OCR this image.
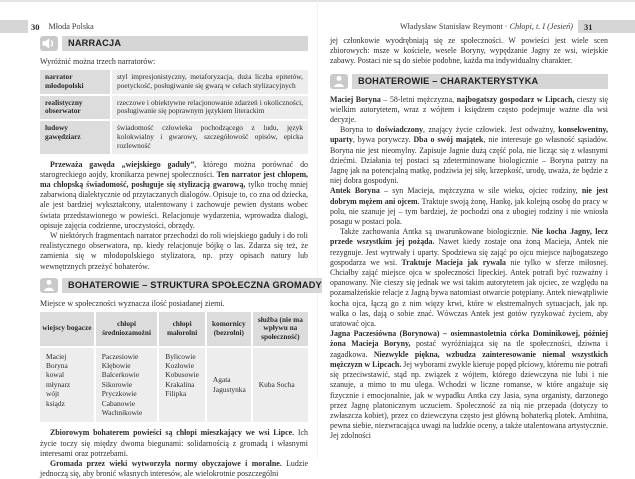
30 Młoda Polska
NARRACJA

Wyróżnić można trzech narratorów:

narrator młodopolski
styl impresjonistyczny, metaforyzacja, duża liczba epitetów, poetyckość, posługiwanie się gwarą w celach stylizacyjnych
realistyczny obserwator
rzeczowe i obiektywne relacjonowanie zdarzeń i okoliczności, posługiwanie się poprawnym językiem literackim
ludowy gawędziarz
świadomość człowieka pochodzącego z ludu, język kolokwialny i gwarowy, szczegółowość opisów, epicka rozlewność

Przeważa gawęda „wiejskiego gaduły”, którego można porównać do starogreckiego aojdy, kronikarza pewnej społeczności. Ten narrator jest chłopem, ma chłopską świadomość, posługuje się stylizacją gwarową, tylko trochę mniej zabarwioną dialektycznie od przytaczanych dialogów. Opisuje to, co zna od dziecka, ale jest bardziej wykształcony, utalentowany i zachowuje pewien dystans wobec świata przedstawionego w powieści. Relacjonuje wydarzenia, wprowadza dialogi, opisuje zajęcia codzienne, uroczystości, obrzędy.

W niektórych fragmentach narrator przechodzi do roli wiejskiego gaduły i do roli realistycznego obserwatora, np. kiedy relacjonuje bójkę o las. Zdarza się też, że zamienia się w młodopolskiego stylizatora, np. przy opisach natury lub wewnętrznych przeżyć bohaterów.

BOHATEROWIE – STRUKTURA SPOŁECZNA GROMADY

Miejsce w społeczności wyznacza ilość posiadanej ziemi.

wiejscy bogacze	chłopi średniozamożni
chłopi małorolni
komornicy (bezrolni)
służba (nie ma wpływu na społeczność)
Maciej Boryna
kowal
młynarz
wójt
ksiądz
Paczesiowie
Kłębowie
Balcerkowie
Sikorowie
Pryczkowie
Cabanowie
Wachnikowie
Bylicowie
Kozłowie
Kobusowie
Krakalina
Filipka
Agata
Jagustynka
Kuba Socha

Zbiorowym bohaterem powieści są chłopi mieszkający we wsi Lipce. Ich życie toczy się między dwoma biegunami: solidarnością z gromadą i własnymi interesami oraz potrzebami.

Gromada przez wieki wytworzyła normy obyczajowe i moralne. Ludzie jednoczą się, aby bronić własnych interesów, ale wielokrotnie poszczególni

Władysław Stanisław Reymont · Chłopi, t. I (Jesień)	31

jej członkowie wyodrębniają się ze społeczności. W powieści jest wiele scen zbiorowych: msze w kościele, wesele Boryny, wypędzanie Jagny ze wsi, wiejskie zabawy. Postaci nie są do siebie podobne, każda ma indywidualny charakter.

BOHATEROWIE – CHARAKTERYSTYKA

Maciej Boryna – 58-letni mężczyzna, najbogatszy gospodarz w Lipcach, cieszy się wielkim autorytetem, wraz z wójtem i księdzem często podejmuje ważne dla wsi decyzje.

Boryna to doświadczony, znający życie człowiek. Jest odważny, konsekwentny, uparty, bywa porywczy. Dba o swój majątek, nie interesuje go własność sąsiadów. Boryna nie jest nieomylny. Zapisuje Jagnie dużą część pola, nie licząc się z własnymi dziećmi. Działania tej postaci są zdeterminowane biologicznie – Boryna patrzy na Jagnę jak na potencjalną matkę, podziwia jej siłę, krzepkość, urodę, uważa, że będzie z niej dobra gospodyni.

Antek Boryna – syn Macieja, mężczyzna w sile wieku, ojciec rodziny, nie jest dobrym mężem ani ojcem. Traktuje swoją żonę, Hankę, jak kolejną osobę do pracy w polu, nie szanuje jej – tym bardziej, że pochodzi ona z ubogiej rodziny i nie wniosła posagu w postaci pola.

Także zachowania Antka są uwarunkowane biologicznie. Nie kocha Jagny, lecz przede wszystkim jej pożąda. Nawet kiedy zostaje ona żoną Macieja, Antek nie rezygnuje. Jest wytrwały i uparty. Spodziewa się zająć po ojcu miejsce najbogatszego gospodarza we wsi. Traktuje Macieja jak rywala nie tylko w sferze miłosnej. Chciałby zająć miejsce ojca w społeczności lipeckiej. Antek potrafi być rozważny i opanowany. Nie cieszy się jednak we wsi takim autorytetem jak ojciec, ze względu na pozamałżeńskie relacje z Jagną bywa natomiast otwarcie potępiany. Antek niewątpliwie kocha ojca, łączą go z nim więzy krwi, które w ekstremalnych sytuacjach, jak np. walka o las, dają o sobie znać. Wówczas Antek jest gotów ryzykować życiem, aby uratować ojca.

Jagna Paczesiówna (Borynowa) – osiemnastoletnia córka Dominikowej, później żona Macieja Boryny, postać wyróżniająca się na tle społeczności, dziwna i zagadkowa. Niezwykle piękna, wzbudza zainteresowanie niemal wszystkich mężczyzn w Lipcach. Jej wyborami zwykle kieruje popęd płciowy, któremu nie potrafi się przeciwstawić, stąd np. związek z wójtem, którego dziewczyna nie lubi i nie szanuje, a mimo to mu ulega. Wchodzi w liczne romanse, w które angażuje się fizycznie i emocjonalnie, jak w wypadku Antka czy Jasia, syna organisty, darzonego przez Jagnę platonicznym uczuciem. Społeczność za nią nie przepada (dotyczy to zwłaszcza kobiet), przez co dziewczyna często jest główną bohaterką plotek. Ambitna, pewna siebie, niezwracająca uwagi na ludzkie oceny, a także utalentowana artystycznie. Jej zdolności
